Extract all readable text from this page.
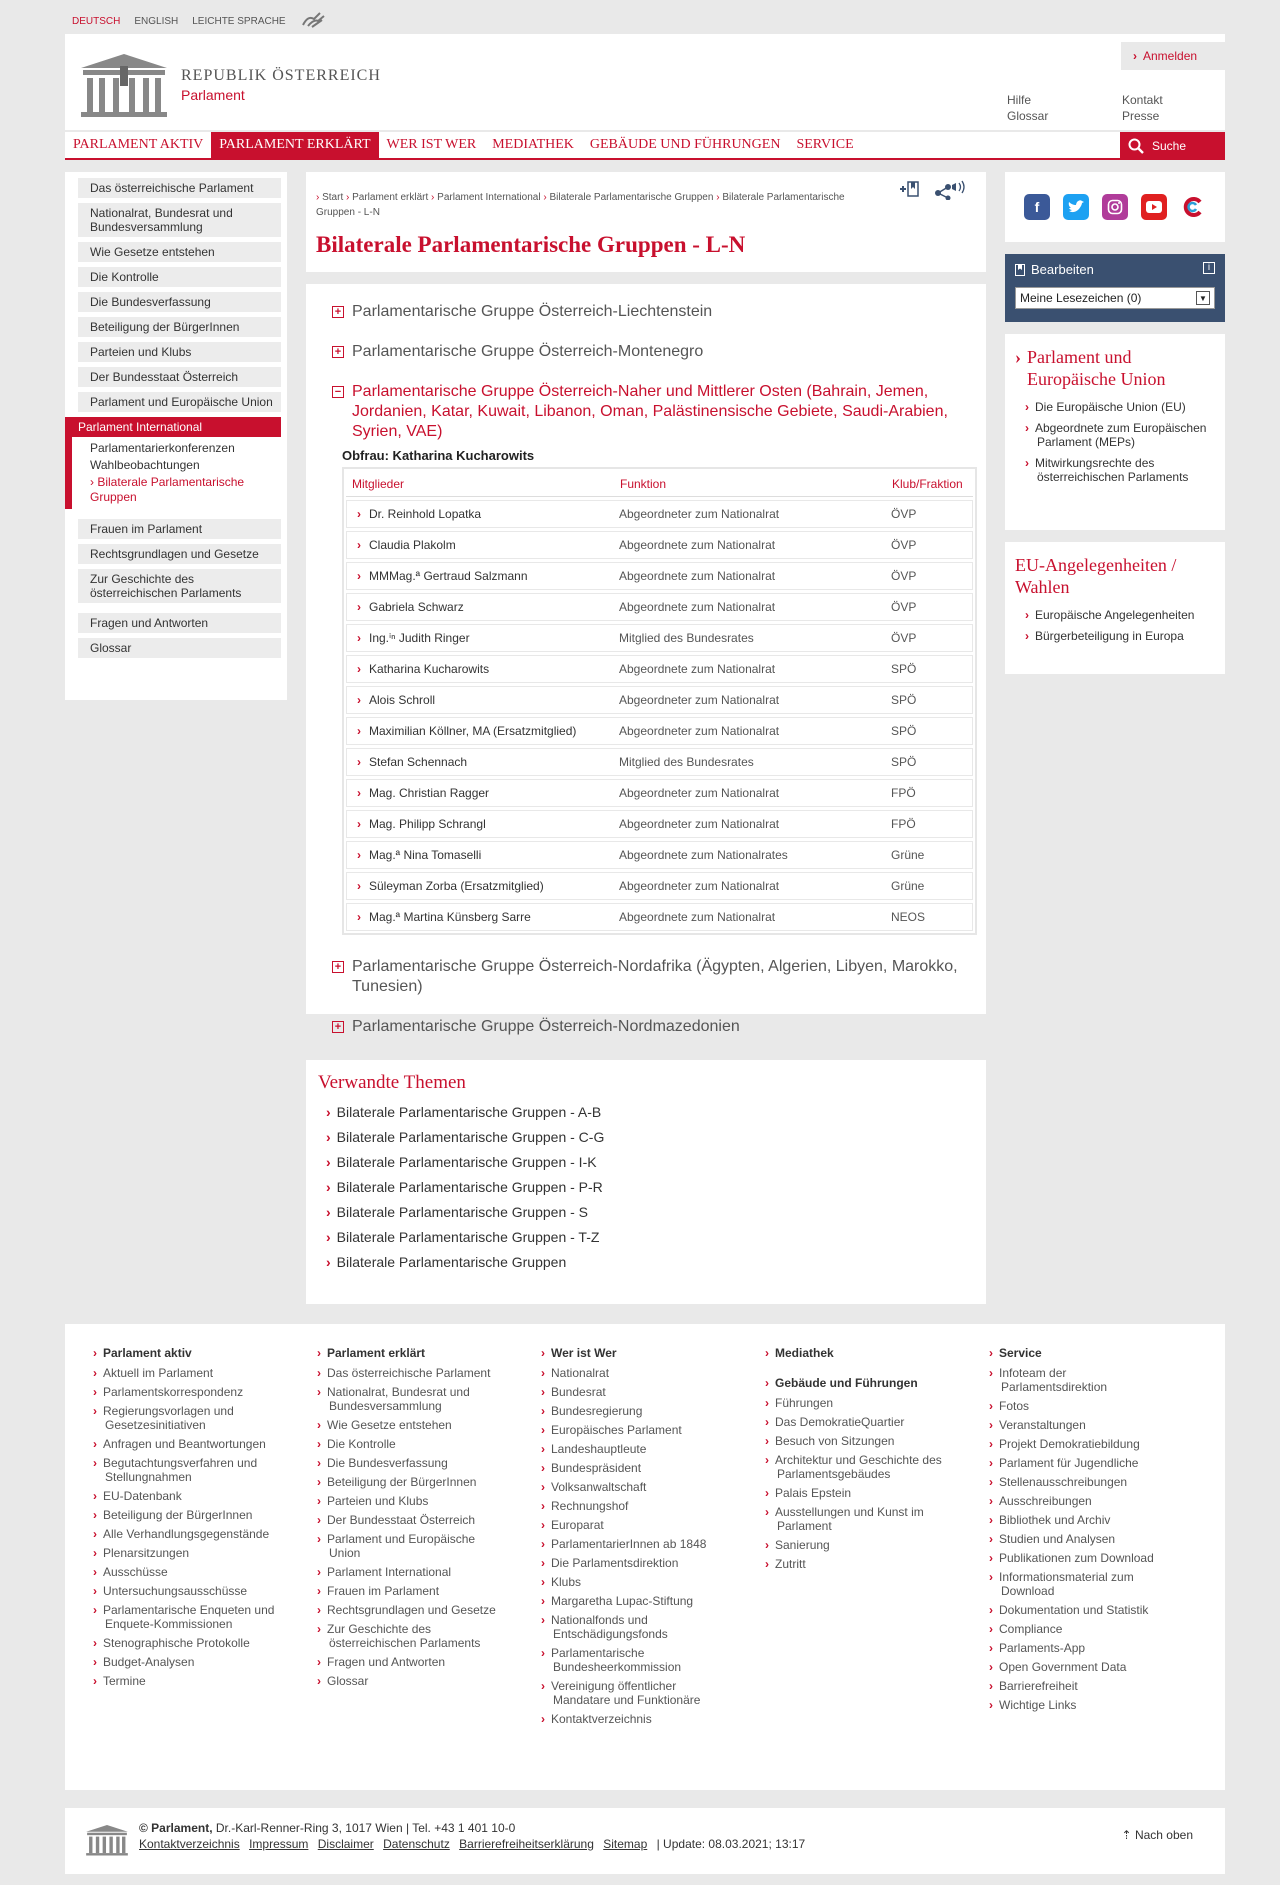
DEUTSCH ENGLISH LEICHTE SPRACHE
REPUBLIK ÖSTERREICH
Parlament
› Anmelden
Hilfe
Glossar
Kontakt
Presse
PARLAMENT AKTIV	PARLAMENT ERKLÄRT	WER IST WER	MEDIATHEK	GEBÄUDE UND FÜHRUNGEN	SERVICE	Suche
Das österreichische Parlament
Nationalrat, Bundesrat und Bundesversammlung
Wie Gesetze entstehen
Die Kontrolle
Die Bundesverfassung
Beteiligung der BürgerInnen
Parteien und Klubs
Der Bundesstaat Österreich
Parlament und Europäische Union
Parlament International
Parlamentarierkonferenzen
Wahlbeobachtungen
› Bilaterale Parlamentarische Gruppen
Frauen im Parlament
Rechtsgrundlagen und Gesetze
Zur Geschichte des österreichischen Parlaments
Fragen und Antworten
Glossar
› Start › Parlament erklärt › Parlament International › Bilaterale Parlamentarische Gruppen › Bilaterale Parlamentarische Gruppen - L-N
Bilaterale Parlamentarische Gruppen - L-N
+ Parlamentarische Gruppe Österreich-Liechtenstein
+ Parlamentarische Gruppe Österreich-Montenegro
− Parlamentarische Gruppe Österreich-Naher und Mittlerer Osten (Bahrain, Jemen, Jordanien, Katar, Kuwait, Libanon, Oman, Palästinensische Gebiete, Saudi-Arabien, Syrien, VAE)
Obfrau: Katharina Kucharowits
Mitglieder	Funktion	Klub/Fraktion
› Dr. Reinhold Lopatka	Abgeordneter zum Nationalrat	ÖVP
› Claudia Plakolm	Abgeordnete zum Nationalrat	ÖVP
› MMMag.ª Gertraud Salzmann	Abgeordnete zum Nationalrat	ÖVP
› Gabriela Schwarz	Abgeordnete zum Nationalrat	ÖVP
› Ing.ⁱⁿ Judith Ringer	Mitglied des Bundesrates	ÖVP
› Katharina Kucharowits	Abgeordnete zum Nationalrat	SPÖ
› Alois Schroll	Abgeordneter zum Nationalrat	SPÖ
› Maximilian Köllner, MA (Ersatzmitglied)	Abgeordneter zum Nationalrat	SPÖ
› Stefan Schennach	Mitglied des Bundesrates	SPÖ
› Mag. Christian Ragger	Abgeordneter zum Nationalrat	FPÖ
› Mag. Philipp Schrangl	Abgeordneter zum Nationalrat	FPÖ
› Mag.ª Nina Tomaselli	Abgeordnete zum Nationalrates	Grüne
› Süleyman Zorba (Ersatzmitglied)	Abgeordneter zum Nationalrat	Grüne
› Mag.ª Martina Künsberg Sarre	Abgeordnete zum Nationalrat	NEOS
+ Parlamentarische Gruppe Österreich-Nordafrika (Ägypten, Algerien, Libyen, Marokko, Tunesien)
+ Parlamentarische Gruppe Österreich-Nordmazedonien
Verwandte Themen
› Bilaterale Parlamentarische Gruppen - A-B
› Bilaterale Parlamentarische Gruppen - C-G
› Bilaterale Parlamentarische Gruppen - I-K
› Bilaterale Parlamentarische Gruppen - P-R
› Bilaterale Parlamentarische Gruppen - S
› Bilaterale Parlamentarische Gruppen - T-Z
› Bilaterale Parlamentarische Gruppen
f
Bearbeiten	i
Meine Lesezeichen (0)	▼
› Parlament und Europäische Union
› Die Europäische Union (EU)
› Abgeordnete zum Europäischen Parlament (MEPs)
› Mitwirkungsrechte des österreichischen Parlaments
EU-Angelegenheiten / Wahlen
› Europäische Angelegenheiten
› Bürgerbeteiligung in Europa
› Parlament aktiv
› Aktuell im Parlament
› Parlamentskorrespondenz
› Regierungsvorlagen und Gesetzesinitiativen
› Anfragen und Beantwortungen
› Begutachtungsverfahren und Stellungnahmen
› EU-Datenbank
› Beteiligung der BürgerInnen
› Alle Verhandlungsgegenstände
› Plenarsitzungen
› Ausschüsse
› Untersuchungsausschüsse
› Parlamentarische Enqueten und Enquete-Kommissionen
› Stenographische Protokolle
› Budget-Analysen
› Termine
› Parlament erklärt
› Das österreichische Parlament
› Nationalrat, Bundesrat und Bundesversammlung
› Wie Gesetze entstehen
› Die Kontrolle
› Die Bundesverfassung
› Beteiligung der BürgerInnen
› Parteien und Klubs
› Der Bundesstaat Österreich
› Parlament und Europäische Union
› Parlament International
› Frauen im Parlament
› Rechtsgrundlagen und Gesetze
› Zur Geschichte des österreichischen Parlaments
› Fragen und Antworten
› Glossar
› Wer ist Wer
› Nationalrat
› Bundesrat
› Bundesregierung
› Europäisches Parlament
› Landeshauptleute
› Bundespräsident
› Volksanwaltschaft
› Rechnungshof
› Europarat
› ParlamentarierInnen ab 1848
› Die Parlamentsdirektion
› Klubs
› Margaretha Lupac-Stiftung
› Nationalfonds und Entschädigungsfonds
› Parlamentarische Bundesheerkommission
› Vereinigung öffentlicher Mandatare und Funktionäre
› Kontaktverzeichnis
› Mediathek
› Gebäude und Führungen
› Führungen
› Das DemokratieQuartier
› Besuch von Sitzungen
› Architektur und Geschichte des Parlamentsgebäudes
› Palais Epstein
› Ausstellungen und Kunst im Parlament
› Sanierung
› Zutritt
› Service
› Infoteam der Parlamentsdirektion
› Fotos
› Veranstaltungen
› Projekt Demokratiebildung
› Parlament für Jugendliche
› Stellenausschreibungen
› Ausschreibungen
› Bibliothek und Archiv
› Studien und Analysen
› Publikationen zum Download
› Informationsmaterial zum Download
› Dokumentation und Statistik
› Compliance
› Parlaments-App
› Open Government Data
› Barrierefreiheit
› Wichtige Links
© Parlament, Dr.-Karl-Renner-Ring 3, 1017 Wien | Tel. +43 1 401 10-0
Kontaktverzeichnis Impressum Disclaimer Datenschutz Barrierefreiheitserklärung Sitemap | Update: 08.03.2021; 13:17
⇡ Nach oben
